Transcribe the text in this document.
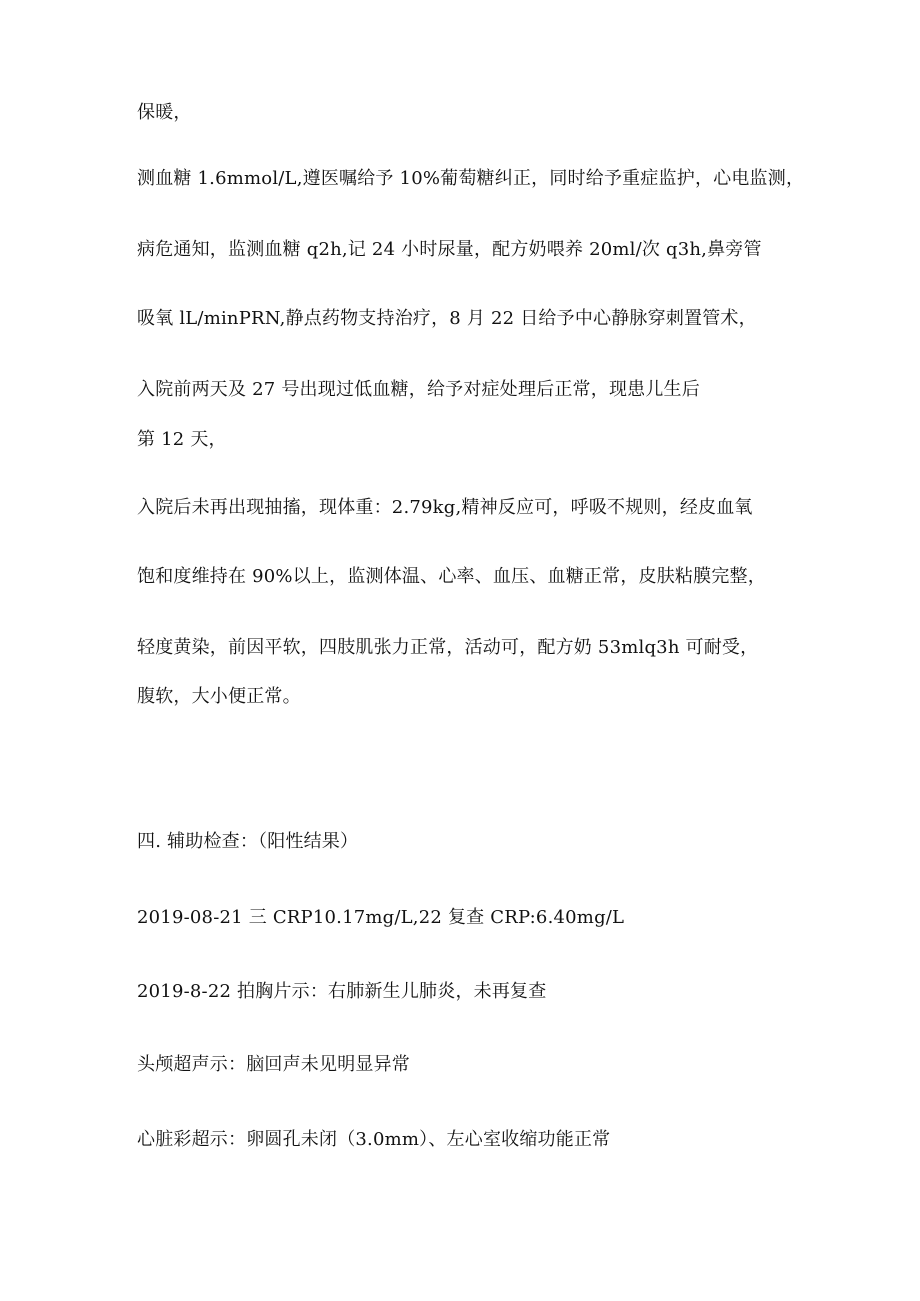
保暖，
测血糖 1.6mmol/L,遵医嘱给予 10%葡萄糖纠正，同时给予重症监护，心电监测，
病危通知，监测血糖 q2h,记 24 小时尿量，配方奶喂养 20ml/次 q3h,鼻旁管
吸氧 lL/minPRN,静点药物支持治疗，8 月 22 日给予中心静脉穿刺置管术，
入院前两天及 27 号出现过低血糖，给予对症处理后正常，现患儿生后
第 12 天，
入院后未再出现抽搐，现体重：2.79kg,精神反应可，呼吸不规则，经皮血氧
饱和度维持在 90%以上，监测体温、心率、血压、血糖正常，皮肤粘膜完整，
轻度黄染，前因平软，四肢肌张力正常，活动可，配方奶 53mlq3h 可耐受，
腹软，大小便正常。
四. 辅助检查：（阳性结果）
2019-08-21 三 CRP10.17mg/L,22 复查 CRP:6.40mg/L
2019-8-22 拍胸片示：右肺新生儿肺炎，未再复查
头颅超声示：脑回声未见明显异常
心脏彩超示：卵圆孔未闭（3.0mm）、左心室收缩功能正常
